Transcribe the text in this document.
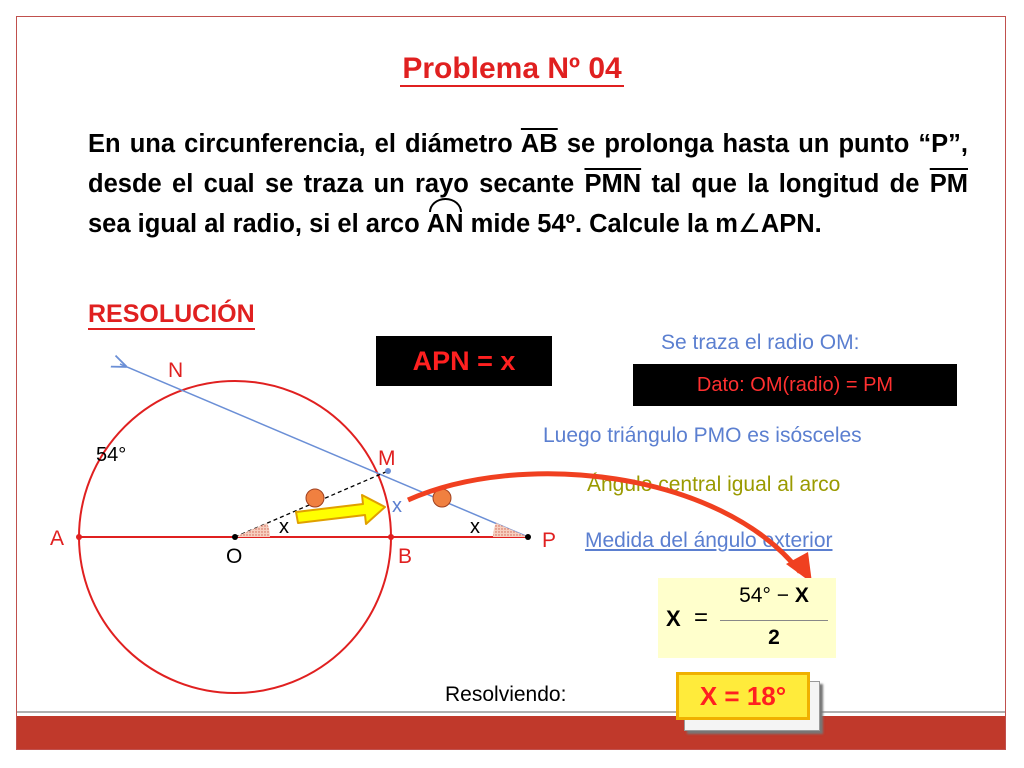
Problema Nº 04
En una circunferencia, el diámetro $\overline{AB}$ se prolonga hasta un punto “P”, desde el cual se traza un rayo secante $\overline{PMN}$ tal que la longitud de $\overline{PM}$ sea igual al radio, si el arco AN mide 54º. Calcule la m∠APN.
RESOLUCIÓN
APN = x
Se traza el radio OM:
Dato: OM(radio) = PM
Luego triángulo PMO es isósceles
Ángulo central igual al arco
Medida del ángulo exterior
N
M
A
O	B
P
54°
x	x
x
X =
54° − X
2
Resolviendo:	X = 18°
